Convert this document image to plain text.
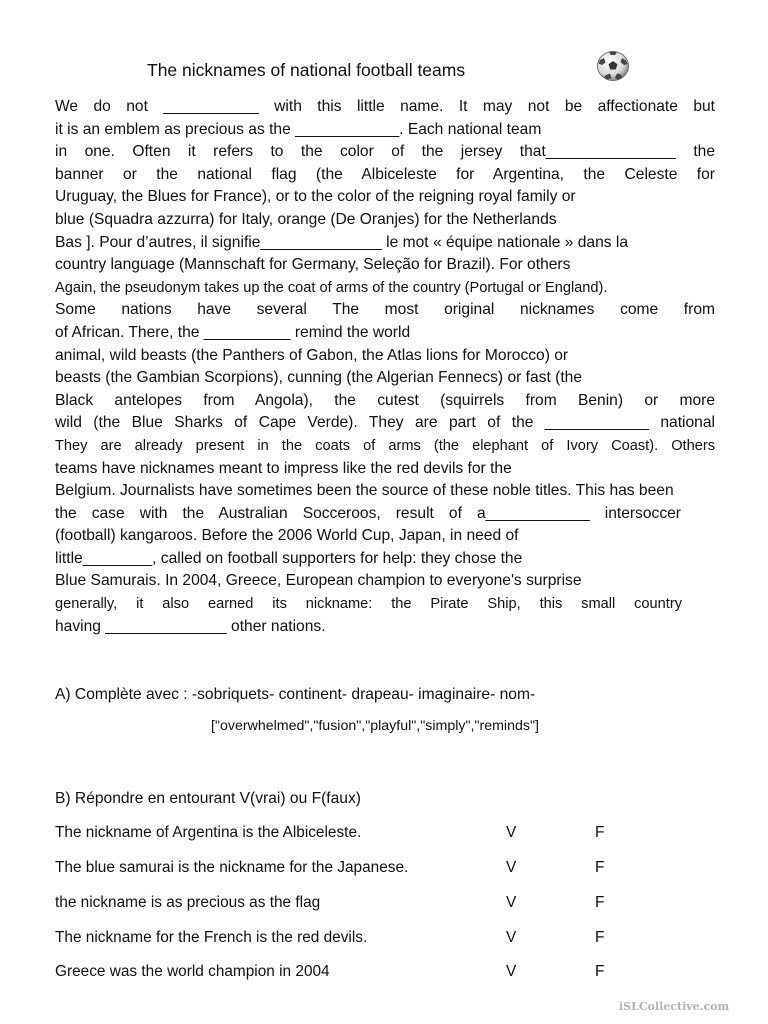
The nicknames of national football teams
We do not ___________ with this little name. It may not be affectionate but
it is an emblem as precious as the ____________. Each national team
in one. Often it refers to the color of the jersey that_______________ the
banner or the national flag (the Albiceleste for Argentina, the Celeste for
Uruguay, the Blues for France), or to the color of the reigning royal family or
blue (Squadra azzurra) for Italy, orange (De Oranjes) for the Netherlands
Bas ]. Pour d’autres, il signifie______________ le mot « équipe nationale » dans la
country language (Mannschaft for Germany, Seleção for Brazil). For others
Again, the pseudonym takes up the coat of arms of the country (Portugal or England).
Some nations have several The most original nicknames come from
of African. There, the __________ remind the world
animal, wild beasts (the Panthers of Gabon, the Atlas lions for Morocco) or
beasts (the Gambian Scorpions), cunning (the Algerian Fennecs) or fast (the
Black antelopes from Angola), the cutest (squirrels from Benin) or more
wild (the Blue Sharks of Cape Verde). They are part of the ____________ national
They are already present in the coats of arms (the elephant of Ivory Coast). Others
teams have nicknames meant to impress like the red devils for the
Belgium. Journalists have sometimes been the source of these noble titles. This has been
the case with the Australian Socceroos, result of a____________ intersoccer
(football) kangaroos. Before the 2006 World Cup, Japan, in need of
little________, called on football supporters for help: they chose the
Blue Samurais. In 2004, Greece, European champion to everyone's surprise
generally, it also earned its nickname: the Pirate Ship, this small country
having ______________ other nations.
A) Complète avec : -sobriquets- continent- drapeau- imaginaire- nom-
["overwhelmed","fusion","playful","simply","reminds"]
B) Répondre en entourant V(vrai) ou F(faux)
The nickname of Argentina is the Albiceleste.	V	F
The blue samurai is the nickname for the Japanese.	V	F
the nickname is as precious as the flag	V	F
The nickname for the French is the red devils.	V	F
Greece was the world champion in 2004	V	F
iSLCollective.com
